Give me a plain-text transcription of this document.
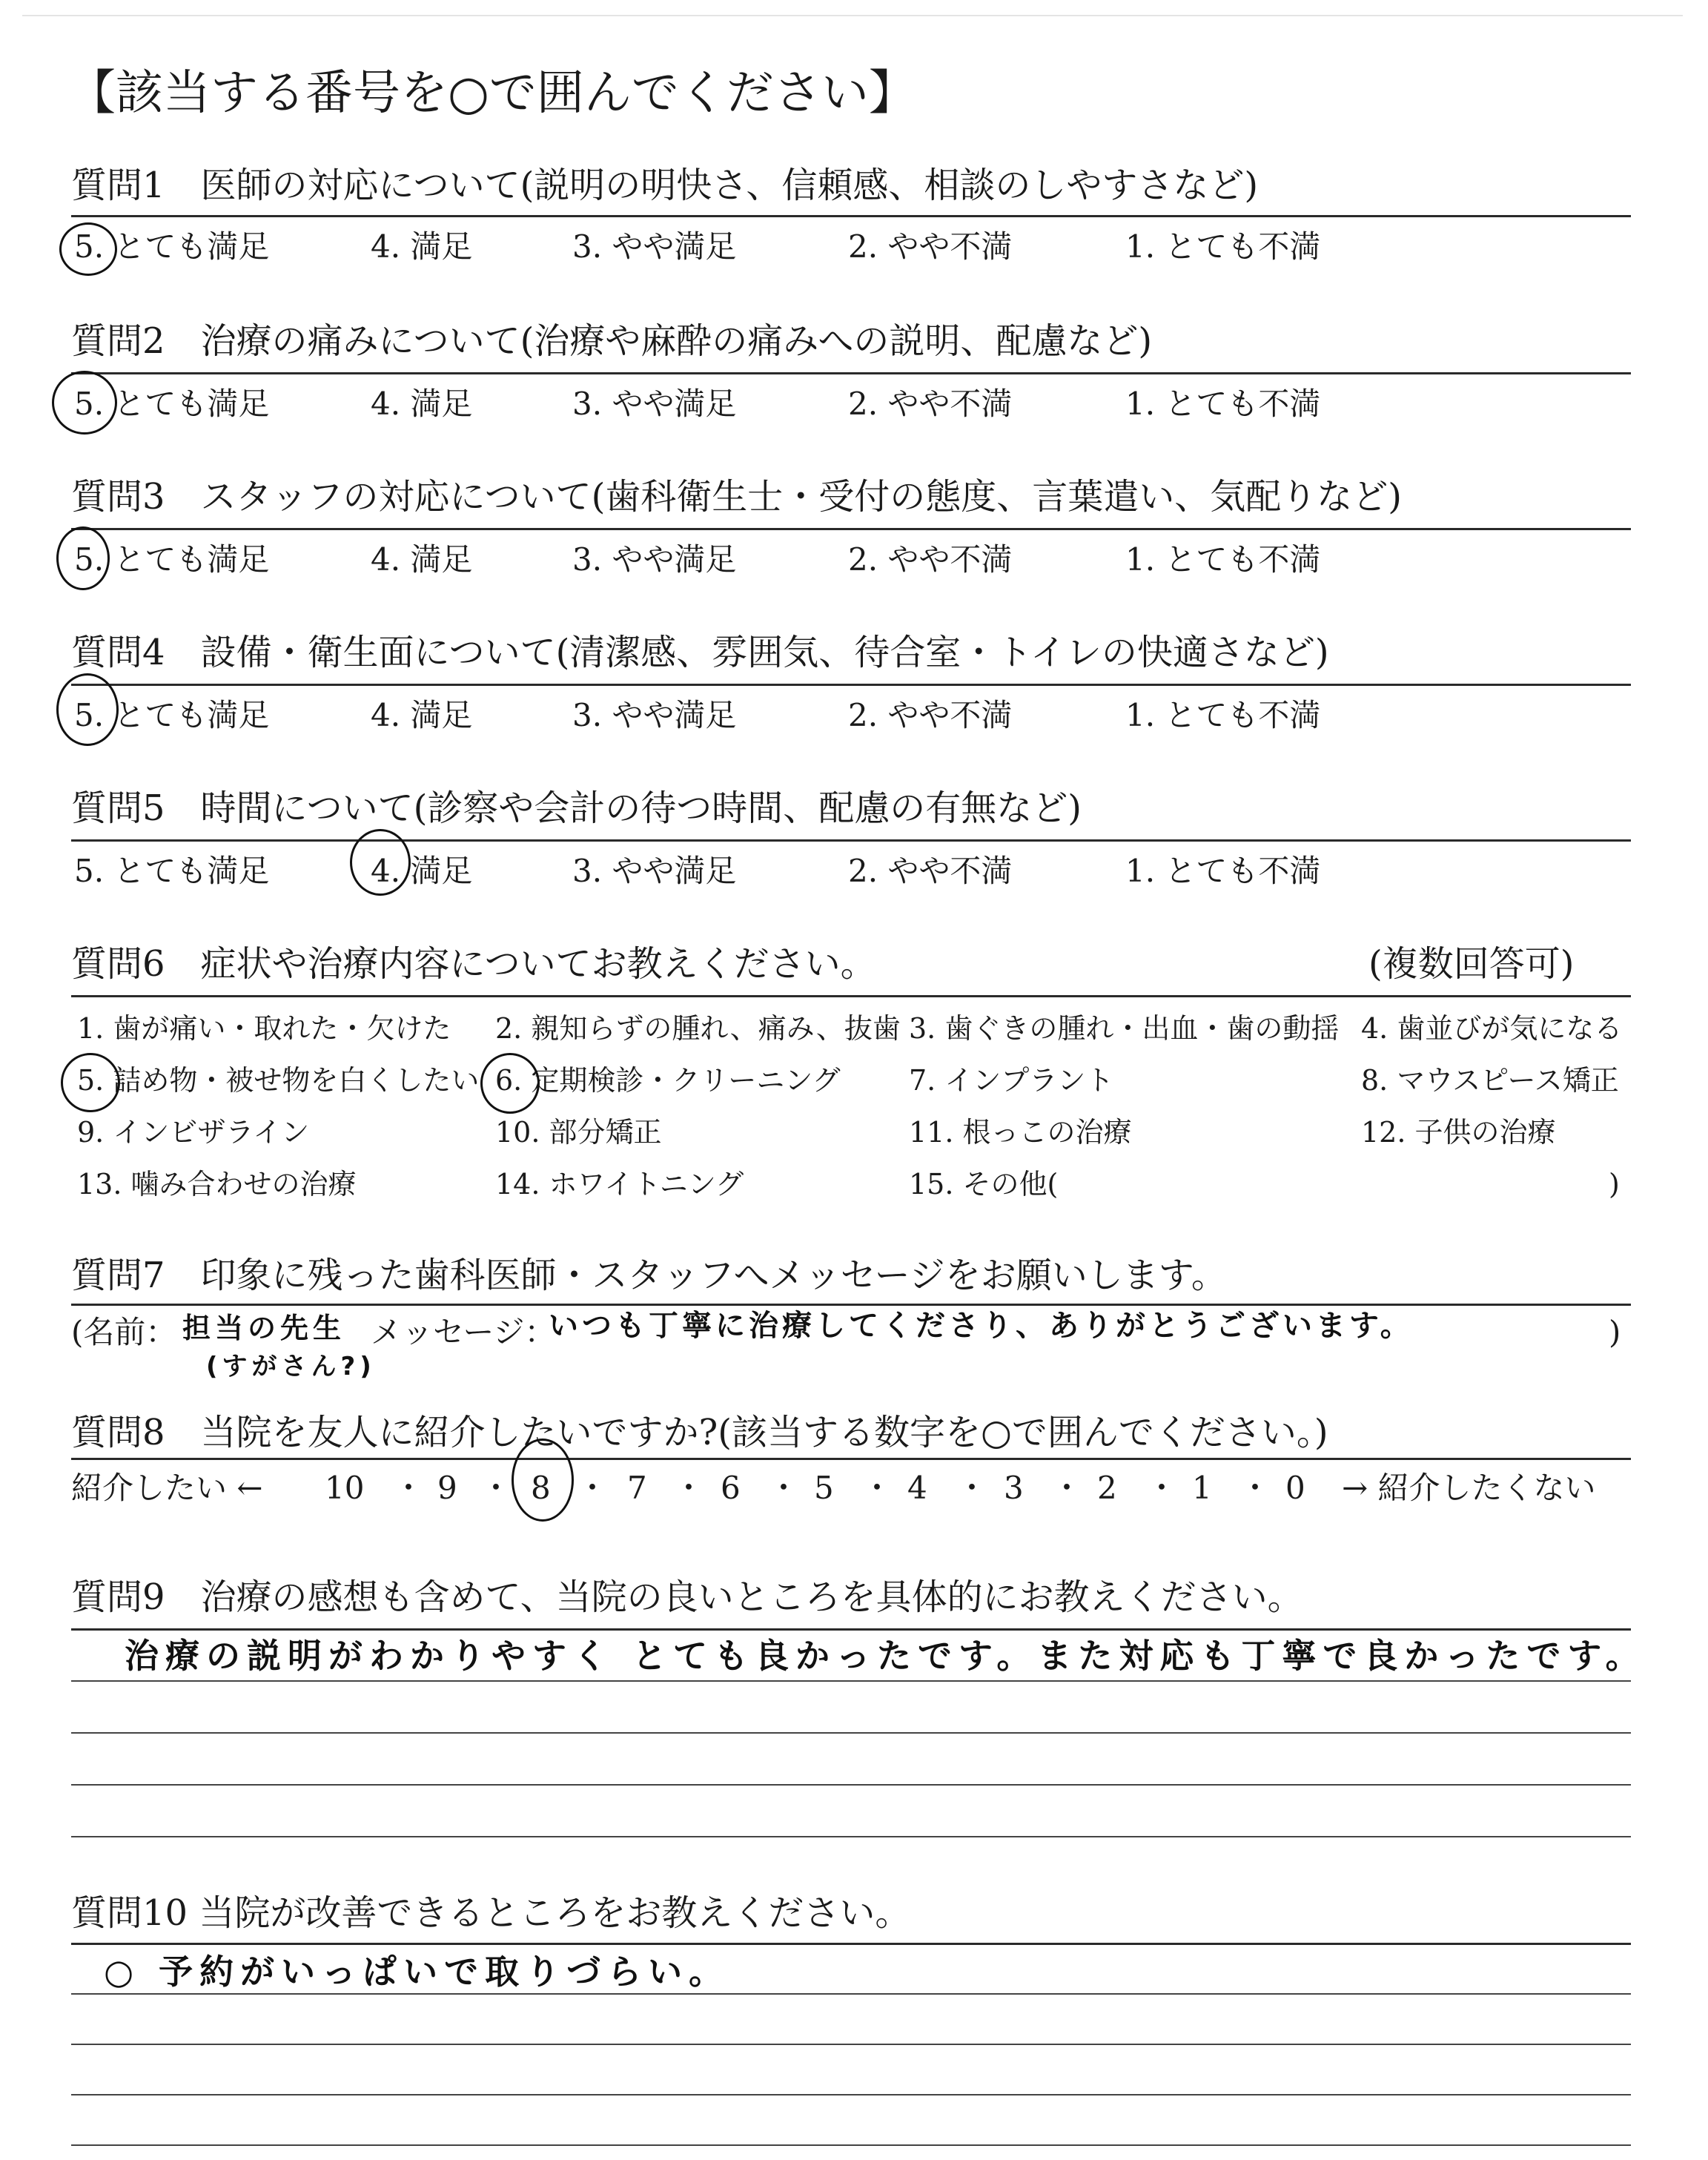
【該当する番号を○で囲んでください】
質問1　医師の対応について(説明の明快さ、信頼感、相談のしやすさなど)
5. とても満足	4. 満足	3. やや満足	2. やや不満	1. とても不満
質問2　治療の痛みについて(治療や麻酔の痛みへの説明、配慮など)
5. とても満足	4. 満足	3. やや満足	2. やや不満	1. とても不満
質問3　スタッフの対応について(歯科衛生士・受付の態度、言葉遣い、気配りなど)
5. とても満足	4. 満足	3. やや満足	2. やや不満	1. とても不満
質問4　設備・衛生面について(清潔感、雰囲気、待合室・トイレの快適さなど)
5. とても満足	4. 満足	3. やや満足	2. やや不満	1. とても不満
質問5　時間について(診察や会計の待つ時間、配慮の有無など)
5. とても満足	4. 満足	3. やや満足	2. やや不満	1. とても不満
質問6　症状や治療内容についてお教えください。	(複数回答可)
1. 歯が痛い・取れた・欠けた 2. 親知らずの腫れ、痛み、抜歯 3. 歯ぐきの腫れ・出血・歯の動揺 4. 歯並びが気になる
5. 詰め物・被せ物を白くしたい 6. 定期検診・クリーニング 7. インプラント	8. マウスピース矯正
9. インビザライン	10. 部分矯正	11. 根っこの治療	12. 子供の治療
13. 噛み合わせの治療	14. ホワイトニング	15. その他(	)
質問7　印象に残った歯科医師・スタッフへメッセージをお願いします。
(名前： 担当の先生
(すがさん?)
メッセージ：
いつも丁寧に治療してくださり、ありがとうございます。	)
質問8　当院を友人に紹介したいですか?(該当する数字を○で囲んでください。)
紹介したい ← 10 ・ 9 ・ 8 ・ 7 ・ 6 ・ 5 ・ 4 ・ 3 ・ 2 ・ 1 ・ 0 → 紹介したくない
質問9　治療の感想も含めて、当院の良いところを具体的にお教えください。
治療の説明がわかりやすく とても良かったです。また対応も丁寧で良かったです。
質問10 当院が改善できるところをお教えください。
○ 予約がいっぱいで取りづらい。
